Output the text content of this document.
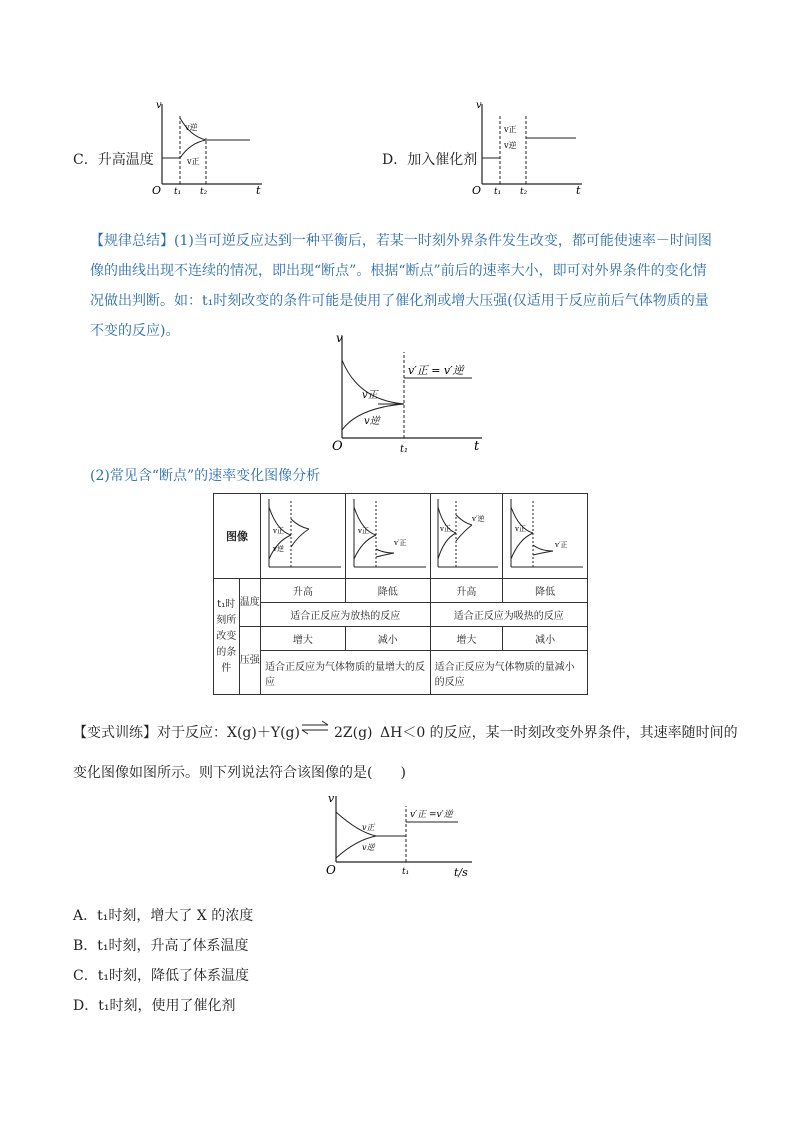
C．升高温度	D．加入催化剂
v
O	t
v逆
v正
t₁ t₂
v
O	t
v正
v逆
t₁ t₂
【规律总结】(1)当可逆反应达到一种平衡后，若某一时刻外界条件发生改变，都可能使速率－时间图像的曲线出现不连续的情况，即出现“断点”。根据“断点”前后的速率大小，即可对外界条件的变化情况做出判断。如：t₁时刻改变的条件可能是使用了催化剂或增大压强(仅适用于反应前后气体物质的量不变的反应)。	v
O	t
v正
v逆
v′正 = v′逆
t₁
(2)常见含“断点”的速率变化图像分析
图像		v正
v逆	v正
v′正	v正
v′逆	v正
v′正

t₁时刻所改变的条件	温度	升高	降低	升高	降低
		适合正反应为放热的反应		适合正反应为吸热的反应	
	压强	增大	减小	增大	减小
		适合正反应为气体物质的量增大的反应		适合正反应为气体物质的量减小的反应	
【变式训练】对于反应：X(g)＋Y(g) ⇌ 2Z(g) ΔH＜0 的反应，某一时刻改变外界条件，其速率随时间的
变化图像如图所示。则下列说法符合该图像的是(　　)
v
O	t/s
v正
v逆
v′正 =v′逆
t₁
A．t₁时刻，增大了 X 的浓度
B．t₁时刻，升高了体系温度
C．t₁时刻，降低了体系温度
D．t₁时刻，使用了催化剂
